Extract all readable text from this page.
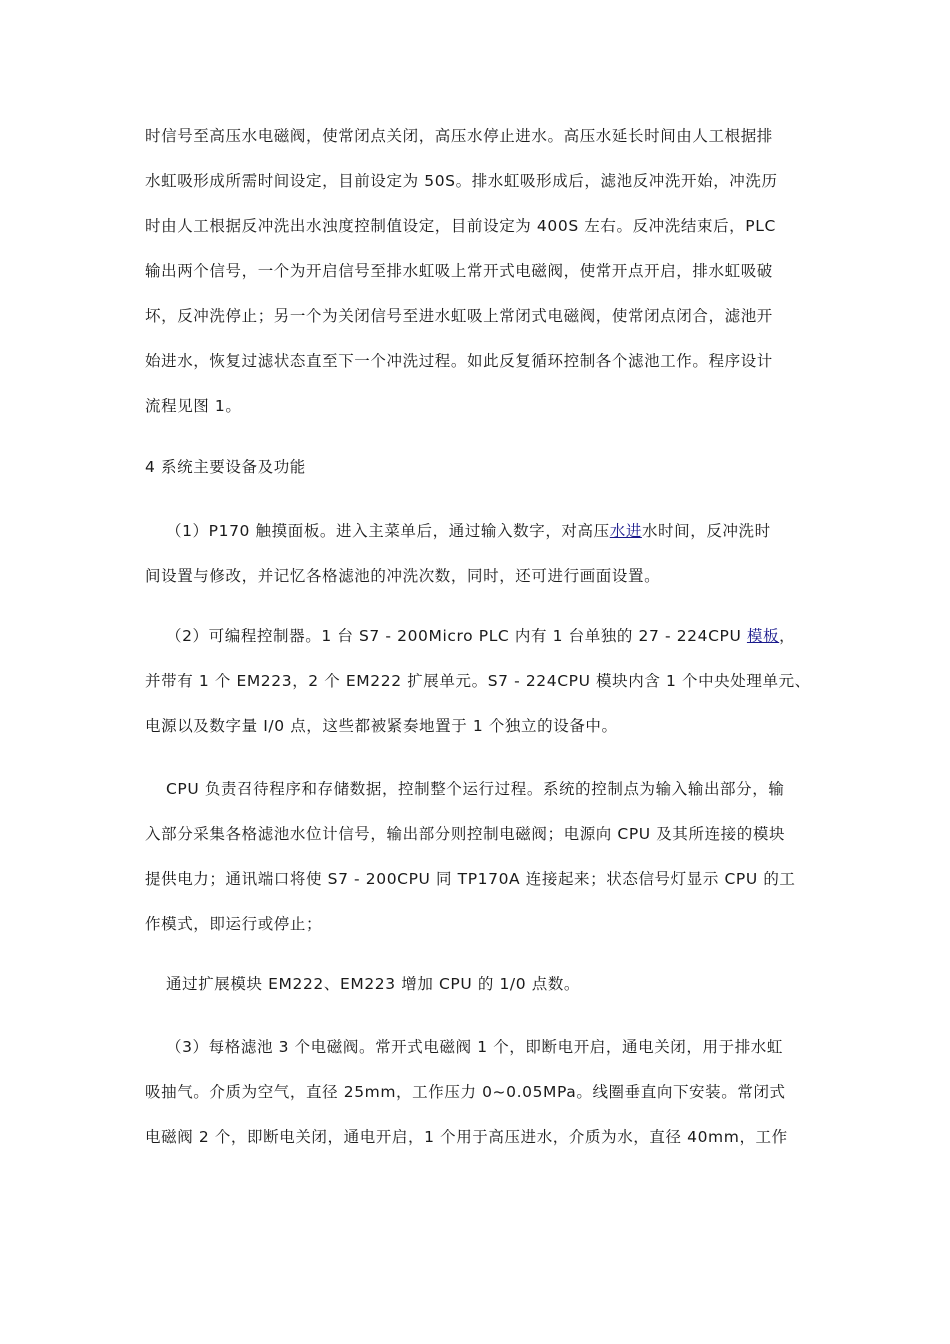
时信号至高压水电磁阀，使常闭点关闭，高压水停止进水。高压水延长时间由人工根据排
水虹吸形成所需时间设定，目前设定为 50S。排水虹吸形成后，滤池反冲洗开始，冲洗历
时由人工根据反冲洗出水浊度控制值设定，目前设定为 400S 左右。反冲洗结束后，PLC
输出两个信号，一个为开启信号至排水虹吸上常开式电磁阀，使常开点开启，排水虹吸破
坏，反冲洗停止；另一个为关闭信号至进水虹吸上常闭式电磁阀，使常闭点闭合，滤池开
始进水，恢复过滤状态直至下一个冲洗过程。如此反复循环控制各个滤池工作。程序设计
流程见图 1。
4 系统主要设备及功能
（1）P170 触摸面板。进入主菜单后，通过输入数字，对高压水进水时间，反冲洗时
间设置与修改，并记忆各格滤池的冲洗次数，同时，还可进行画面设置。
（2）可编程控制器。1 台 S7 - 200Micro PLC 内有 1 台单独的 27 - 224CPU 模板，
并带有 1 个 EM223，2 个 EM222 扩展单元。S7 - 224CPU 模块内含 1 个中央处理单元、
电源以及数字量 I/0 点，这些都被紧奏地置于 1 个独立的设备中。
CPU 负责召待程序和存储数据，控制整个运行过程。系统的控制点为输入输出部分，输
入部分采集各格滤池水位计信号，输出部分则控制电磁阀；电源向 CPU 及其所连接的模块
提供电力；通讯端口将使 S7 - 200CPU 同 TP170A 连接起来；状态信号灯显示 CPU 的工
作模式，即运行或停止；
通过扩展模块 EM222、EM223 增加 CPU 的 1/0 点数。
（3）每格滤池 3 个电磁阀。常开式电磁阀 1 个，即断电开启，通电关闭，用于排水虹
吸抽气。介质为空气，直径 25mm，工作压力 0~0.05MPa。线圈垂直向下安装。常闭式
电磁阀 2 个，即断电关闭，通电开启，1 个用于高压进水，介质为水，直径 40mm，工作
